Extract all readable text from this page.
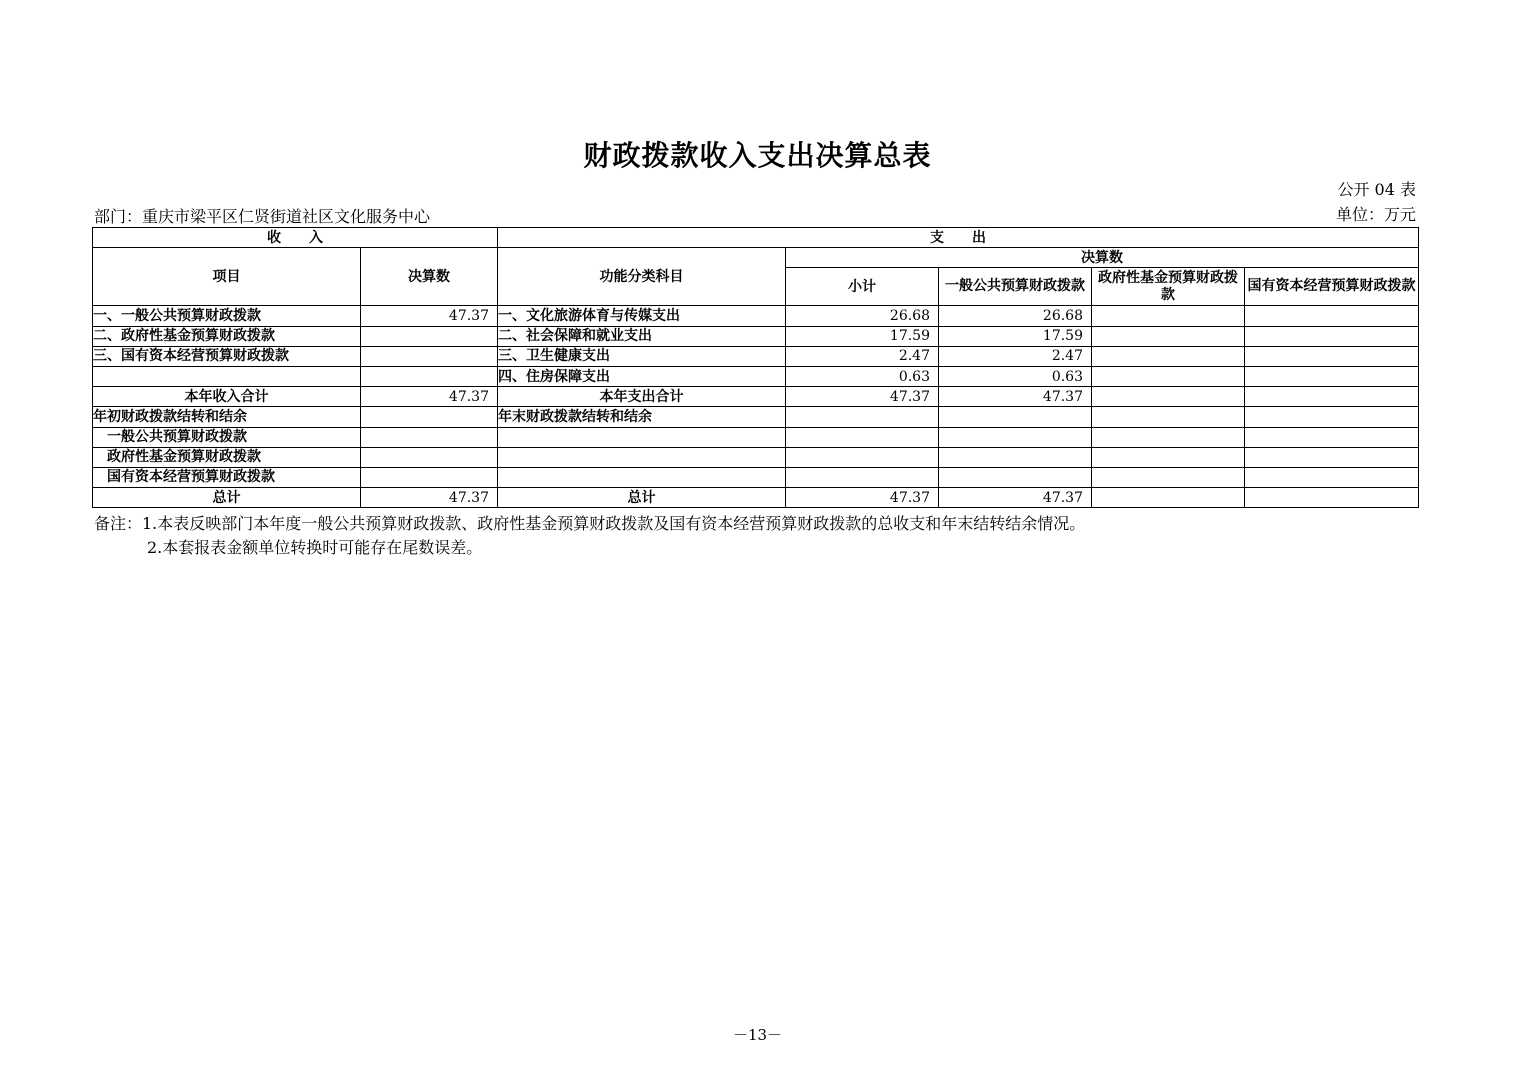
财政拨款收入支出决算总表
公开 04 表
部门：重庆市梁平区仁贤街道社区文化服务中心	单位：万元
收　　入		支　　出				
项目	决算数	功能分类科目	决算数			
			小计	一般公共预算财政拨款	政府性基金预算财政拨款	国有资本经营预算财政拨款
一、一般公共预算财政拨款	47.37	一、文化旅游体育与传媒支出	26.68	26.68		
二、政府性基金预算财政拨款		二、社会保障和就业支出	17.59	17.59		
三、国有资本经营预算财政拨款		三、卫生健康支出	2.47	2.47		
		四、住房保障支出	0.63	0.63		
本年收入合计	47.37	本年支出合计	47.37	47.37		
年初财政拨款结转和结余		年末财政拨款结转和结余				
一般公共预算财政拨款						
政府性基金预算财政拨款						
国有资本经营预算财政拨款						
总计	47.37	总计	47.37	47.37		
备注：1.本表反映部门本年度一般公共预算财政拨款、政府性基金预算财政拨款及国有资本经营预算财政拨款的总收支和年末结转结余情况。
2.本套报表金额单位转换时可能存在尾数误差。
－13－
